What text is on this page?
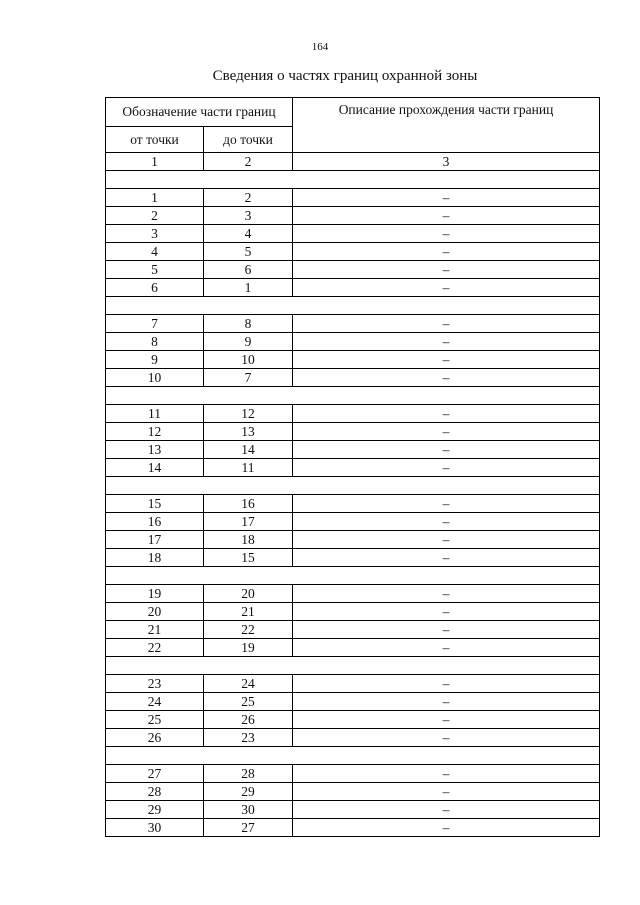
164
Сведения о частях границ охранной зоны
Обозначение части границ		Описание прохождения части границ
от точки	до точки	
1	2	3

1	2	–
2	3	–
3	4	–
4	5	–
5	6	–
6	1	–

7	8	–
8	9	–
9	10	–
10	7	–

11	12	–
12	13	–
13	14	–
14	11	–

15	16	–
16	17	–
17	18	–
18	15	–

19	20	–
20	21	–
21	22	–
22	19	–

23	24	–
24	25	–
25	26	–
26	23	–

27	28	–
28	29	–
29	30	–
30	27	–
